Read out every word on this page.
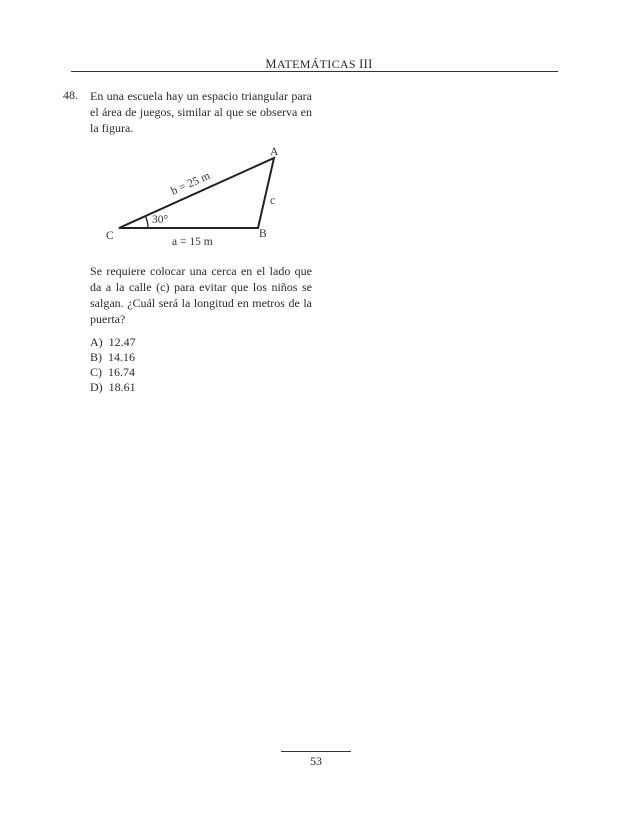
MATEMÁTICAS III
48. En una escuela hay un espacio triangular para el área de juegos, similar al que se observa en la figura.
A
B
C
b = 25 m
a = 15 m
c
30°
Se requiere colocar una cerca en el lado que da a la calle (c) para evitar que los niños se salgan. ¿Cuál será la longitud en metros de la puerta?
A) 12.47
B) 14.16
C) 16.74
D) 18.61
53
